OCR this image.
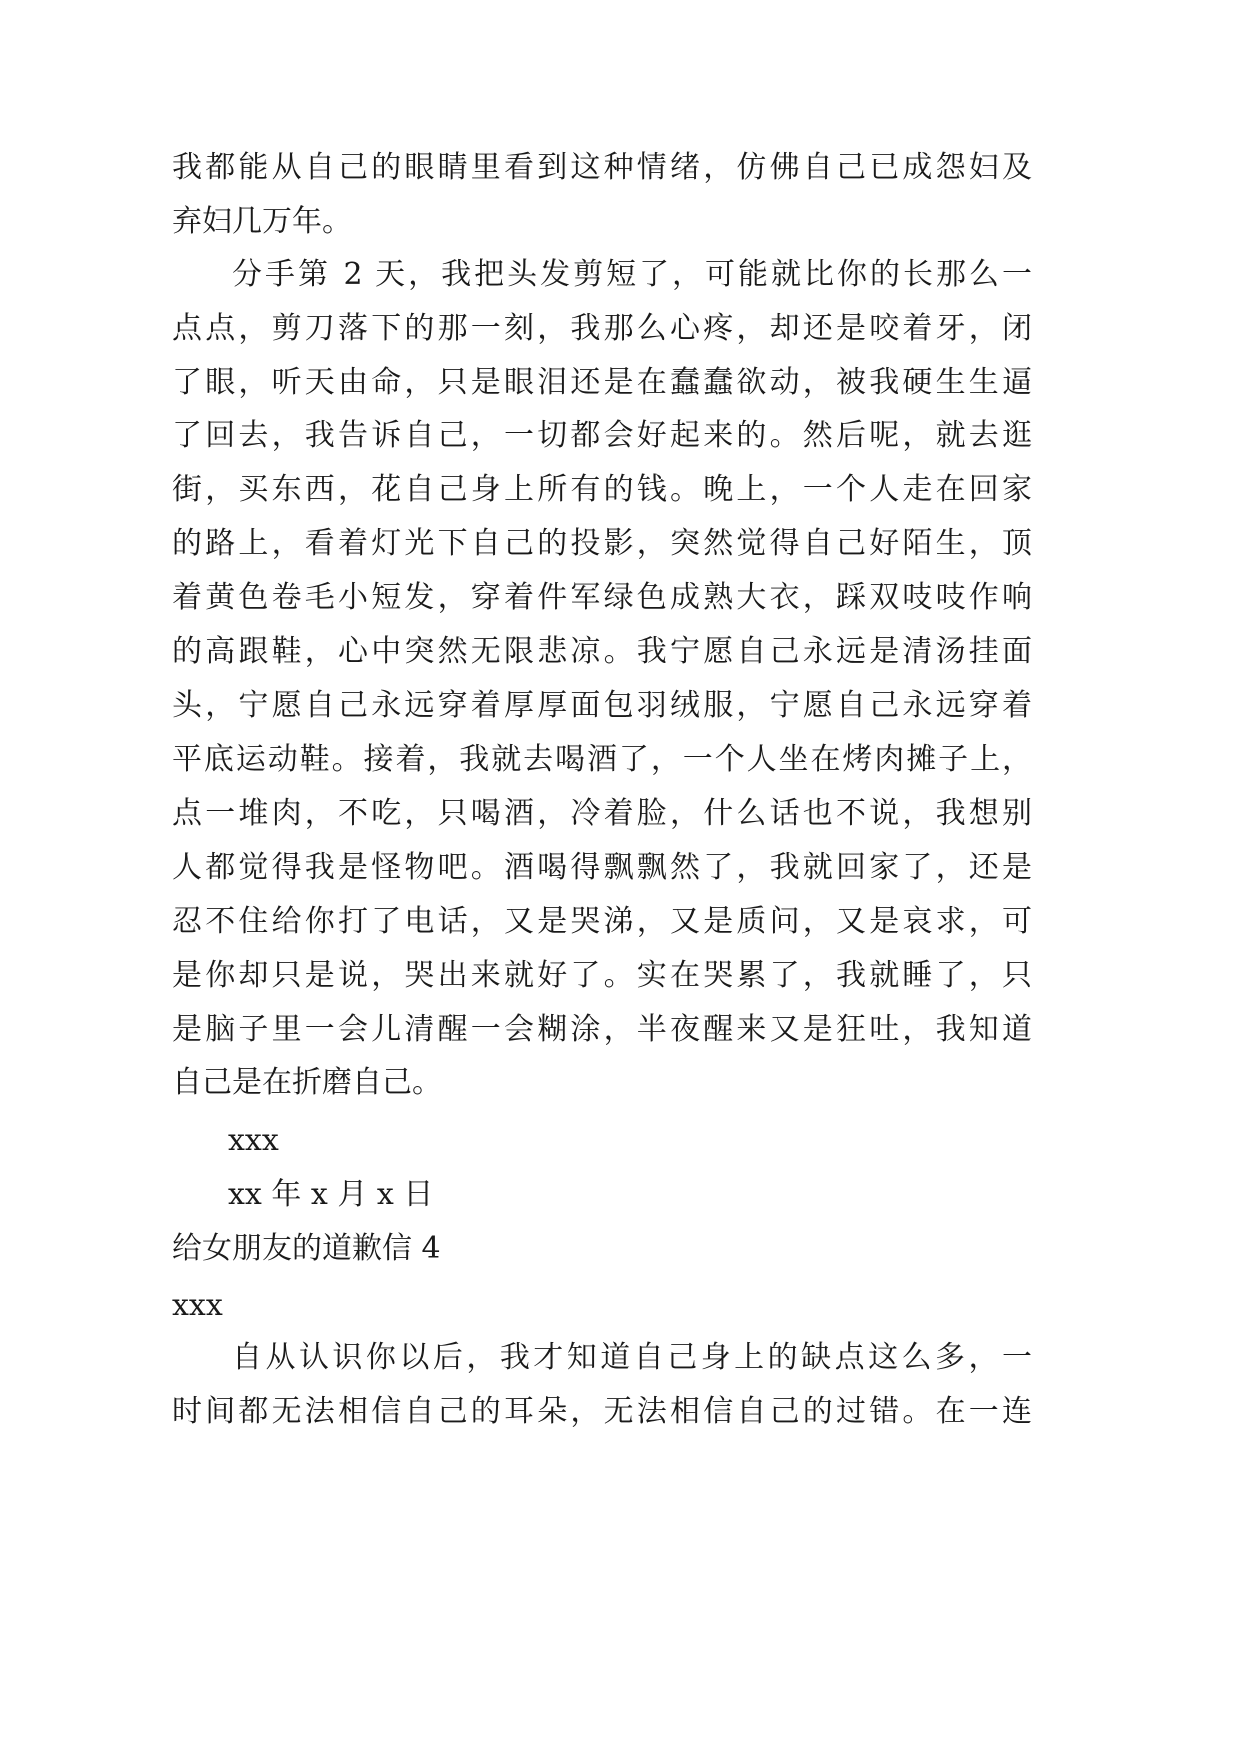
我都能从自己的眼睛里看到这种情绪，仿佛自己已成怨妇及
弃妇几万年。
分手第 2 天，我把头发剪短了，可能就比你的长那么一
点点，剪刀落下的那一刻，我那么心疼，却还是咬着牙，闭
了眼，听天由命，只是眼泪还是在蠢蠢欲动，被我硬生生逼
了回去，我告诉自己，一切都会好起来的。然后呢，就去逛
街，买东西，花自己身上所有的钱。晚上，一个人走在回家
的路上，看着灯光下自己的投影，突然觉得自己好陌生，顶
着黄色卷毛小短发，穿着件军绿色成熟大衣，踩双吱吱作响
的高跟鞋，心中突然无限悲凉。我宁愿自己永远是清汤挂面
头，宁愿自己永远穿着厚厚面包羽绒服，宁愿自己永远穿着
平底运动鞋。接着，我就去喝酒了，一个人坐在烤肉摊子上，
点一堆肉，不吃，只喝酒，冷着脸，什么话也不说，我想别
人都觉得我是怪物吧。酒喝得飘飘然了，我就回家了，还是
忍不住给你打了电话，又是哭涕，又是质问，又是哀求，可
是你却只是说，哭出来就好了。实在哭累了，我就睡了，只
是脑子里一会儿清醒一会糊涂，半夜醒来又是狂吐，我知道
自己是在折磨自己。
xxx
xx 年 x 月 x 日
给女朋友的道歉信 4
xxx
自从认识你以后，我才知道自己身上的缺点这么多，一
时间都无法相信自己的耳朵，无法相信自己的过错。在一连
